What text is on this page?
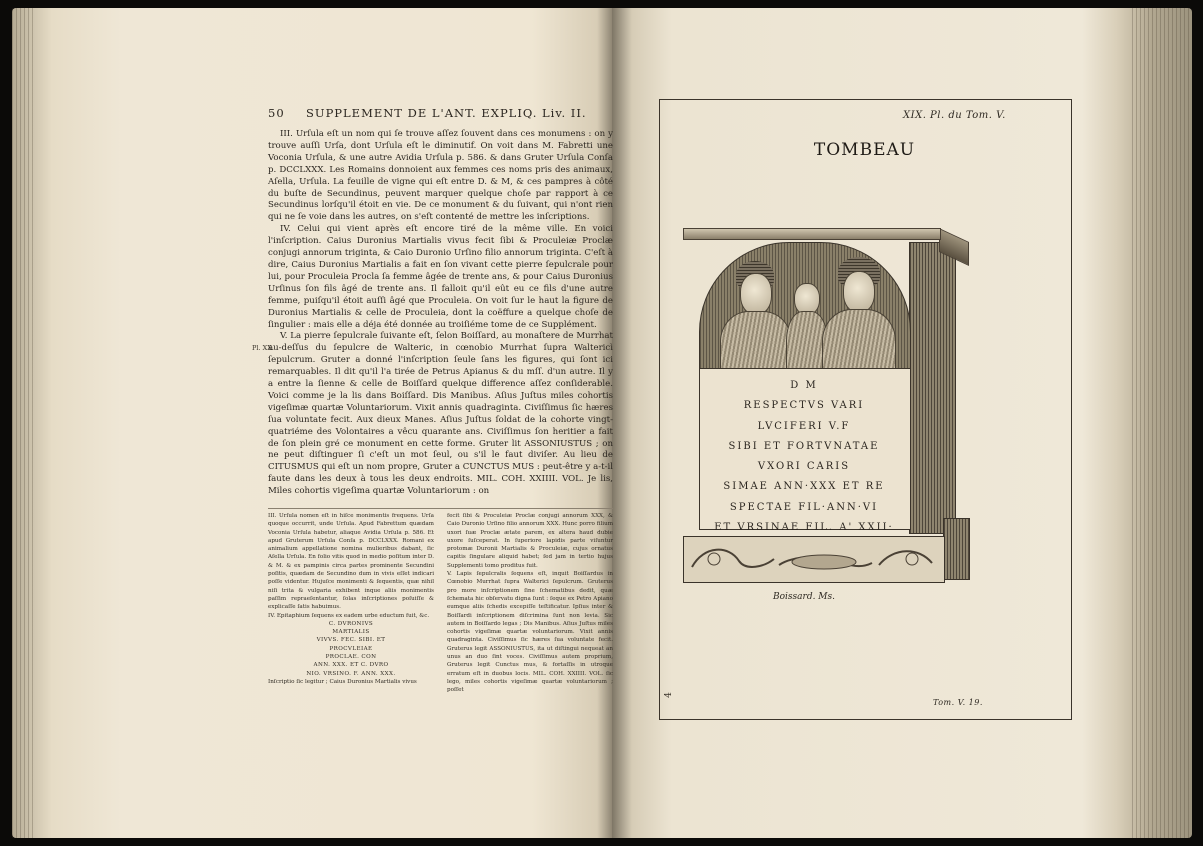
50 SUPPLEMENT DE L'ANT. EXPLIQ. Liv. II.
Pl. XX.

III. Urſula eſt un nom qui ſe trouve aſſez ſouvent dans ces monumens : on y trouve auſſi Urſa, dont Urſula eſt le diminutif. On voit dans M. Fabretti une Voconia Urſula, & une autre Avidia Urſula p. 586. & dans Gruter Urſula Conſa p. DCCLXXX. Les Romains donnoient aux femmes ces noms pris des animaux, Aſella, Urſula. La feuille de vigne qui eſt entre D. & M, & ces pampres à côté du buſte de Secundinus, peuvent marquer quelque choſe par rapport à ce Secundinus lorſqu'il étoit en vie. De ce monument & du ſuivant, qui n'ont rien qui ne ſe voie dans les autres, on s'eſt contenté de mettre les inſcriptions.

IV. Celui qui vient après eſt encore tiré de la même ville. En voici l'inſcription. Caius Duronius Martialis vivus fecit ſibi & Proculeiæ Proclæ conjugi annorum triginta, & Caio Duronio Urſino filio annorum triginta. C'eſt à dire, Caius Duronius Martialis a fait en ſon vivant cette pierre ſepulcrale pour lui, pour Proculeia Procla ſa femme âgée de trente ans, & pour Caius Duronius Urſinus ſon fils âgé de trente ans. Il falloit qu'il eût eu ce fils d'une autre femme, puiſqu'il étoit auſſi âgé que Proculeia. On voit ſur le haut la figure de Duronius Martialis & celle de Proculeia, dont la coëffure a quelque choſe de ſingulier : mais elle a déja été donnée au troiſiéme tome de ce Supplément.

V. La pierre ſepulcrale ſuivante eſt, ſelon Boiſſard, au monaſtere de Murrhat au-deſſus du ſepulcre de Walteric, in cœnobio Murrhat ſupra Waltericì ſepulcrum. Gruter a donné l'inſcription ſeule ſans les figures, qui ſont ici remarquables. Il dit qu'il l'a tirée de Petrus Apianus & du mſſ. d'un autre. Il y a entre la ſienne & celle de Boiſſard quelque difference aſſez conſiderable. Voici comme je la lis dans Boiſſard. Dis Manibus. Aſius Juſtus miles cohortis vigeſimæ quartæ Voluntariorum. Vixit annis quadraginta. Civiſſimus ſic hæres ſua voluntate fecit. Aux dieux Manes. Aſius Juſtus ſoldat de la cohorte vingt-quatriéme des Volontaires a vêcu quarante ans. Civiſſimus ſon heritier a fait de ſon plein gré ce monument en cette forme. Gruter lit ASSONIUSTUS ; on ne peut diſtinguer ſi c'eſt un mot ſeul, ou s'il le faut diviſer. Au lieu de CITUSMUS qui eſt un nom propre, Gruter a CUNCTUS MUS : peut-être y a-t-il faute dans les deux à tous les deux endroits. MIL. COH. XXIIII. VOL. Je lis, Miles cohortis vigeſima quartæ Voluntariorum : on

III. Urſula nomen eſt in hiſce monimentis frequens. Urſa quoque occurrit, unde Urſula. Apud Fabrettum quædam Voconia Urſula habetur, aliaque Avidia Urſula p. 586. Et apud Gruterum Urſula Conſa p. DCCLXXX. Romani ex animalium appellatione nomina mulieribus dabant, ſic Aſella Urſula. En folio vitis quod in medio poſitum inter D. & M. & ex pampinis circa partes prominente Secundini poſitis, quædam de Secundino dum in vivis eſſet indicari poſſe videntur. Hujuſce monimenti & ſequentis, quæ nihil niſi trita & vulgaria exhibent inque aliis monimentis paſſim repraeſentantur, ſolas inſcriptiones poſuiſſe & explicaſſe ſatis habuimus.

IV. Epitaphium ſequens ex eadem urbe eductum fuit, &c.

C. DVRONIVS
MARTIALIS
VIVVS. FEC. SIBI. ET
PROCVLEIAE
PROCLAE. CON
ANN. XXX. ET C. DVRO
NIO. VRSINO. F. ANN. XXX.

Inſcriptio ſic legitur ; Caius Duronius Martialis vivus

fecit ſibi & Proculeiæ Proclæ conjugi annorum XXX, & Caio Duronio Urſino filio annorum XXX. Hunc porro filium uxori ſuæ Proclæ ætate parem, ex altera haud dubie uxore ſuſceperat. In ſuperiore lapidis parte viſuntur protomæ Duronii Martialis & Proculeiæ, cujus ornatus capitis ſingulare aliquid habet; ſed jam in tertio hujus Supplementi tomo proditus fuit.

V. Lapis ſepulcralis ſequens eſt, inquit Boiſſardus in Cœnobio Murrhat ſupra Walterici ſepulcrum. Gruterus pro more inſcriptionem ſine ſchematibus dedit, quæ ſchemata hic obſervatu digna ſunt : ſeque ex Petro Apiano eumque aliis ſchedis excepiſſe teſtificatur. Ipſius inter & Boiſſardi inſcriptionem diſcrimina ſunt non levia. Sic autem in Boiſſardo legas ; Dis Manibus. Aſius Juſtus miles cohortis vigeſimæ quartæ voluntariorum. Vixit annis quadraginta. Civiſſimus ſic hæres ſua voluntate fecit. Gruterus legit ASSONIUSTUS, ita ut diſtingui nequeat an unus an duo ſint voces. Civiſſimus autem proprium, Gruterus legit Cunctus mus, & fortaſſis in utroque erratum eſt in duobus locis. MIL. COH. XXIIII. VOL. ſic lego, miles cohortis vigeſimæ quartæ voluntariorum ; poſſet

XIX. Pl. du Tom. V.
TOMBEAU
D M
RESPECTVS VARI
LVCIFERI V.F
SIBI ET FORTVNATAE
VXORI CARIS
SIMAE ANN·XXX ET RE
SPECTAE FIL·ANN·VI
ET VRSINAE FIL. A' XXII·
Boissard. Ms.
Tom. V. 19.
4
